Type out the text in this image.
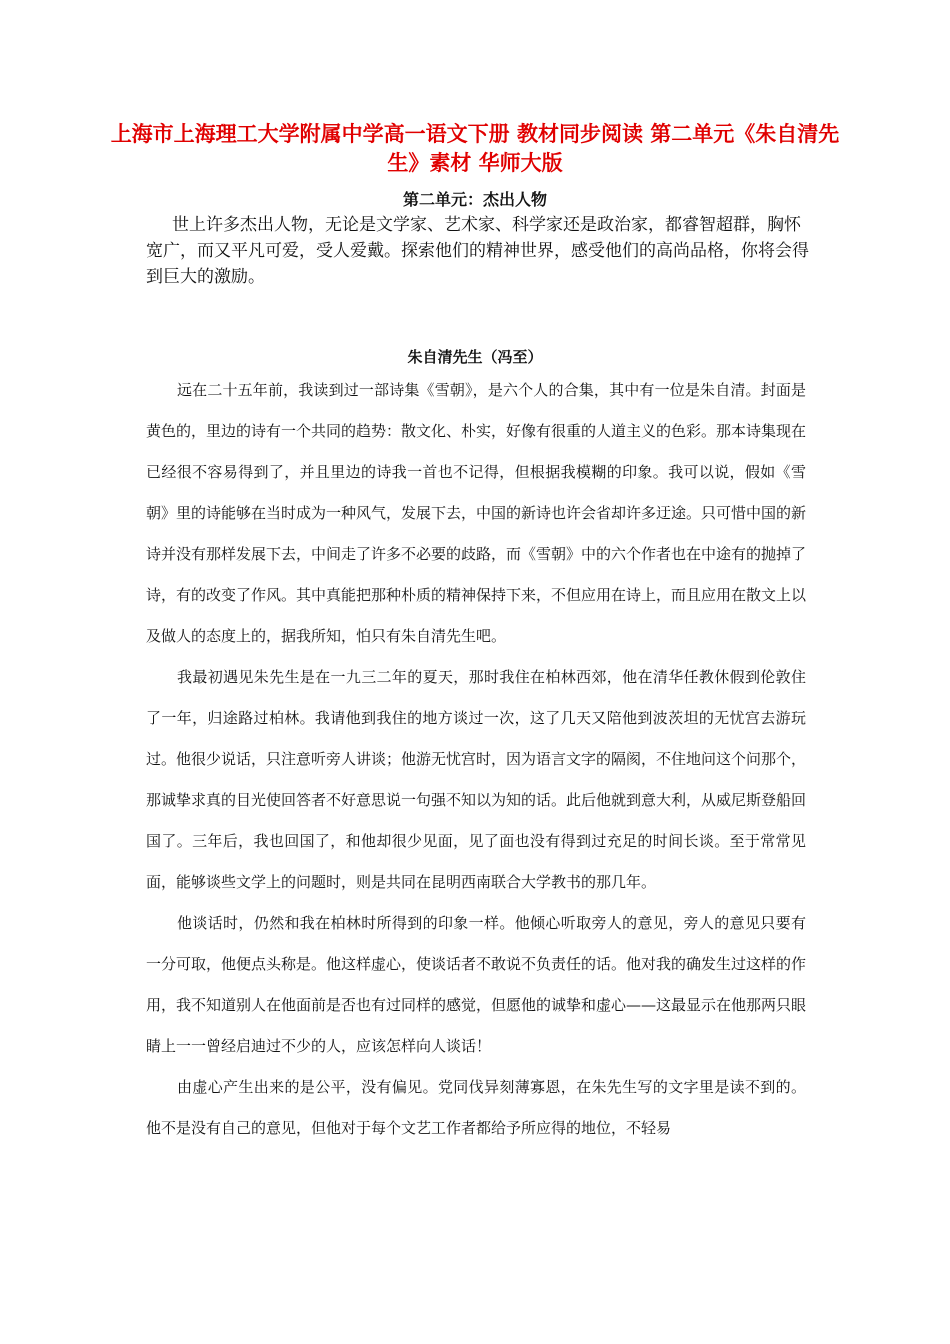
上海市上海理工大学附属中学高一语文下册 教材同步阅读 第二单元《朱自清先生》素材 华师大版
第二单元：杰出人物

世上许多杰出人物，无论是文学家、艺术家、科学家还是政治家，都睿智超群，胸怀宽广，而又平凡可爱，受人爱戴。探索他们的精神世界，感受他们的高尚品格，你将会得到巨大的激励。

朱自清先生（冯至）

远在二十五年前，我读到过一部诗集《雪朝》，是六个人的合集，其中有一位是朱自清。封面是黄色的，里边的诗有一个共同的趋势：散文化、朴实，好像有很重的人道主义的色彩。那本诗集现在已经很不容易得到了，并且里边的诗我一首也不记得，但根据我模糊的印象。我可以说，假如《雪朝》里的诗能够在当时成为一种风气，发展下去，中国的新诗也许会省却许多迂途。只可惜中国的新诗并没有那样发展下去，中间走了许多不必要的歧路，而《雪朝》中的六个作者也在中途有的抛掉了诗，有的改变了作风。其中真能把那种朴质的精神保持下来，不但应用在诗上，而且应用在散文上以及做人的态度上的，据我所知，怕只有朱自清先生吧。

我最初遇见朱先生是在一九三二年的夏天，那时我住在柏林西郊，他在清华任教休假到伦敦住了一年，归途路过柏林。我请他到我住的地方谈过一次，这了几天又陪他到波茨坦的无忧宫去游玩过。他很少说话，只注意听旁人讲谈；他游无忧宫时，因为语言文字的隔阂，不住地问这个问那个，那诚挚求真的目光使回答者不好意思说一句强不知以为知的话。此后他就到意大利，从威尼斯登船回国了。三年后，我也回国了，和他却很少见面，见了面也没有得到过充足的时间长谈。至于常常见面，能够谈些文学上的问题时，则是共同在昆明西南联合大学教书的那几年。

他谈话时，仍然和我在柏林时所得到的印象一样。他倾心听取旁人的意见，旁人的意见只要有一分可取，他便点头称是。他这样虚心，使谈话者不敢说不负责任的话。他对我的确发生过这样的作用，我不知道别人在他面前是否也有过同样的感觉，但愿他的诚挚和虚心——这最显示在他那两只眼睛上一一曾经启迪过不少的人，应该怎样向人谈话！

由虚心产生出来的是公平，没有偏见。党同伐异刻薄寡恩，在朱先生写的文字里是读不到的。他不是没有自己的意见，但他对于每个文艺工作者都给予所应得的地位，不轻易
